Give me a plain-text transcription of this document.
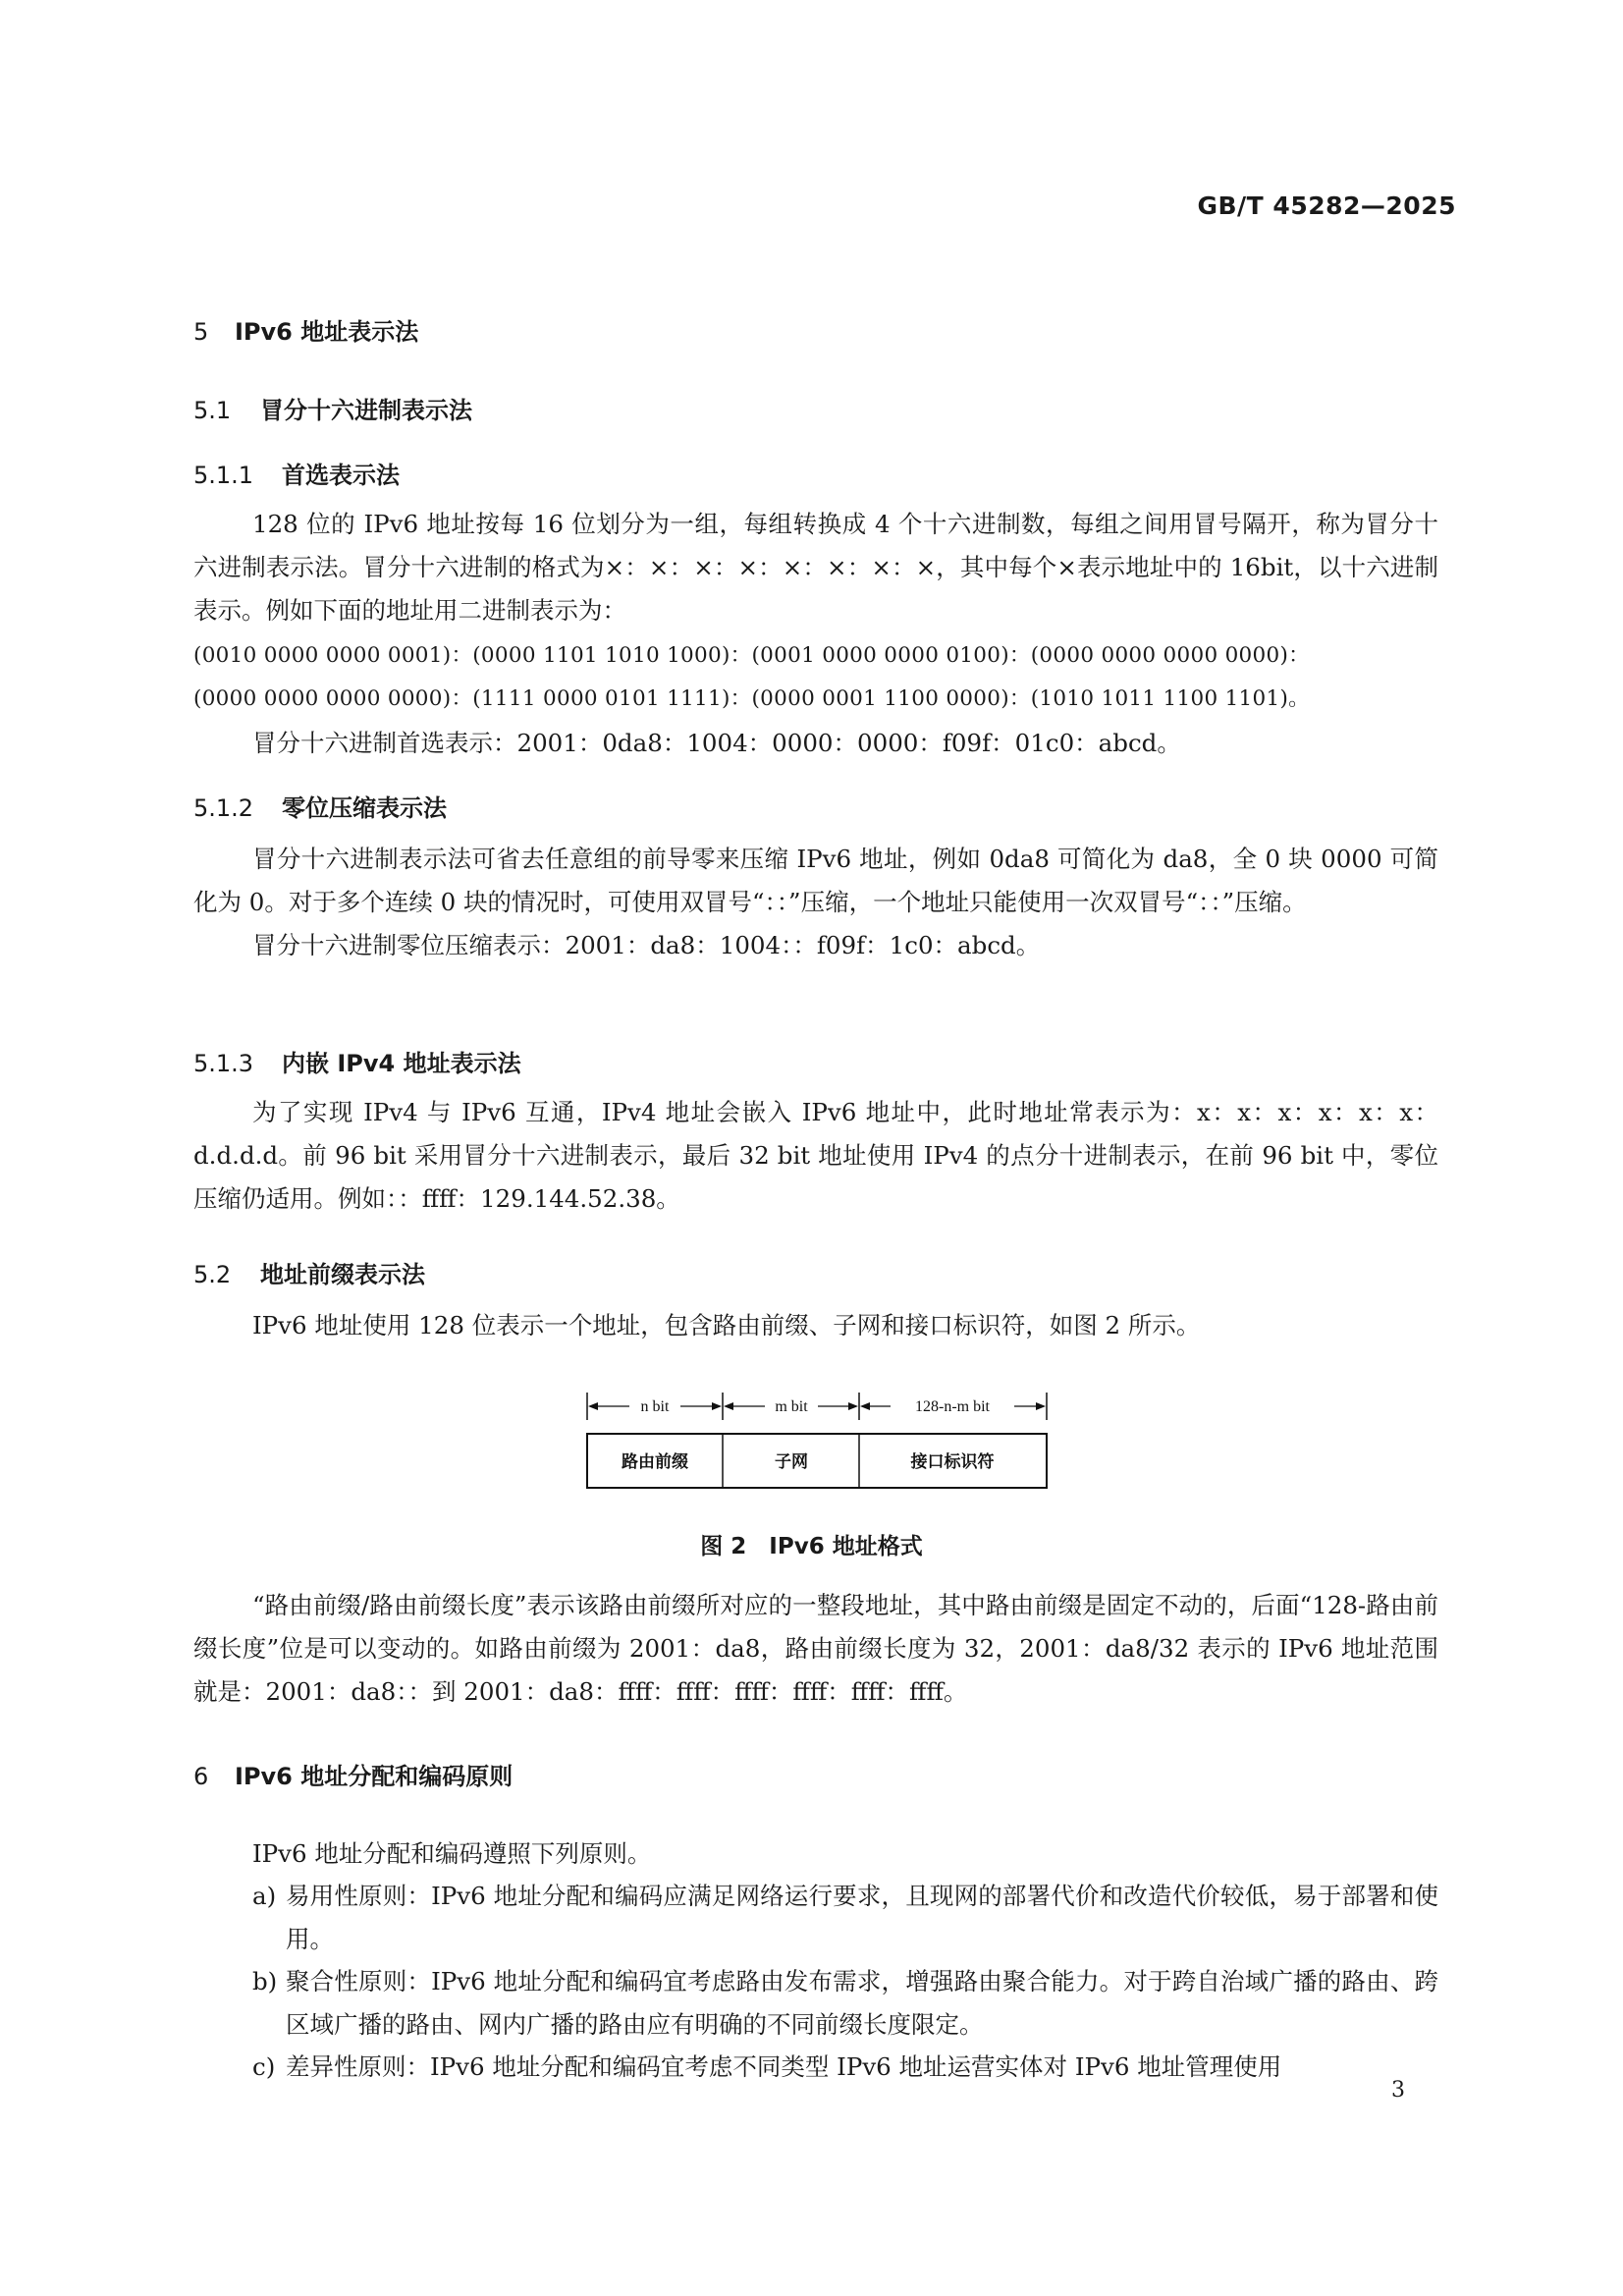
GB/T 45282—2025
5 IPv6 地址表示法
5.1 冒分十六进制表示法
5.1.1 首选表示法

128 位的 IPv6 地址按每 16 位划分为一组，每组转换成 4 个十六进制数，每组之间用冒号隔开，称为冒分十六进制表示法。冒分十六进制的格式为×：×：×：×：×：×：×：×，其中每个×表示地址中的 16bit，以十六进制表示。例如下面的地址用二进制表示为：

(0010 0000 0000 0001)：(0000 1101 1010 1000)：(0001 0000 0000 0100)：(0000 0000 0000 0000)：
(0000 0000 0000 0000)：(1111 0000 0101 1111)：(0000 0001 1100 0000)：(1010 1011 1100 1101)。

冒分十六进制首选表示：2001：0da8：1004：0000：0000：f09f：01c0：abcd。

5.1.2 零位压缩表示法

冒分十六进制表示法可省去任意组的前导零来压缩 IPv6 地址，例如 0da8 可简化为 da8，全 0 块 0000 可简化为 0。对于多个连续 0 块的情况时，可使用双冒号“：：”压缩，一个地址只能使用一次双冒号“：：”压缩。

冒分十六进制零位压缩表示：2001：da8：1004：：f09f：1c0：abcd。

5.1.3 内嵌 IPv4 地址表示法

为了实现 IPv4 与 IPv6 互通，IPv4 地址会嵌入 IPv6 地址中，此时地址常表示为：x：x：x：x：x：x：d.d.d.d。前 96 bit 采用冒分十六进制表示，最后 32 bit 地址使用 IPv4 的点分十进制表示，在前 96 bit 中，零位压缩仍适用。例如：：ffff：129.144.52.38。

5.2 地址前缀表示法

IPv6 地址使用 128 位表示一个地址，包含路由前缀、子网和接口标识符，如图 2 所示。

n bit	m bit	128-n-m bit
路由前缀	子网	接口标识符
图 2　IPv6 地址格式

“路由前缀/路由前缀长度”表示该路由前缀所对应的一整段地址，其中路由前缀是固定不动的，后面“128-路由前缀长度”位是可以变动的。如路由前缀为 2001：da8，路由前缀长度为 32，2001：da8/32 表示的 IPv6 地址范围就是：2001：da8：：到 2001：da8：ffff：ffff：ffff：ffff：ffff：ffff。

6 IPv6 地址分配和编码原则

IPv6 地址分配和编码遵照下列原则。

a) 易用性原则：IPv6 地址分配和编码应满足网络运行要求，且现网的部署代价和改造代价较低，易于部署和使用。
b) 聚合性原则：IPv6 地址分配和编码宜考虑路由发布需求，增强路由聚合能力。对于跨自治域广播的路由、跨区域广播的路由、网内广播的路由应有明确的不同前缀长度限定。
c) 差异性原则：IPv6 地址分配和编码宜考虑不同类型 IPv6 地址运营实体对 IPv6 地址管理使用
3
